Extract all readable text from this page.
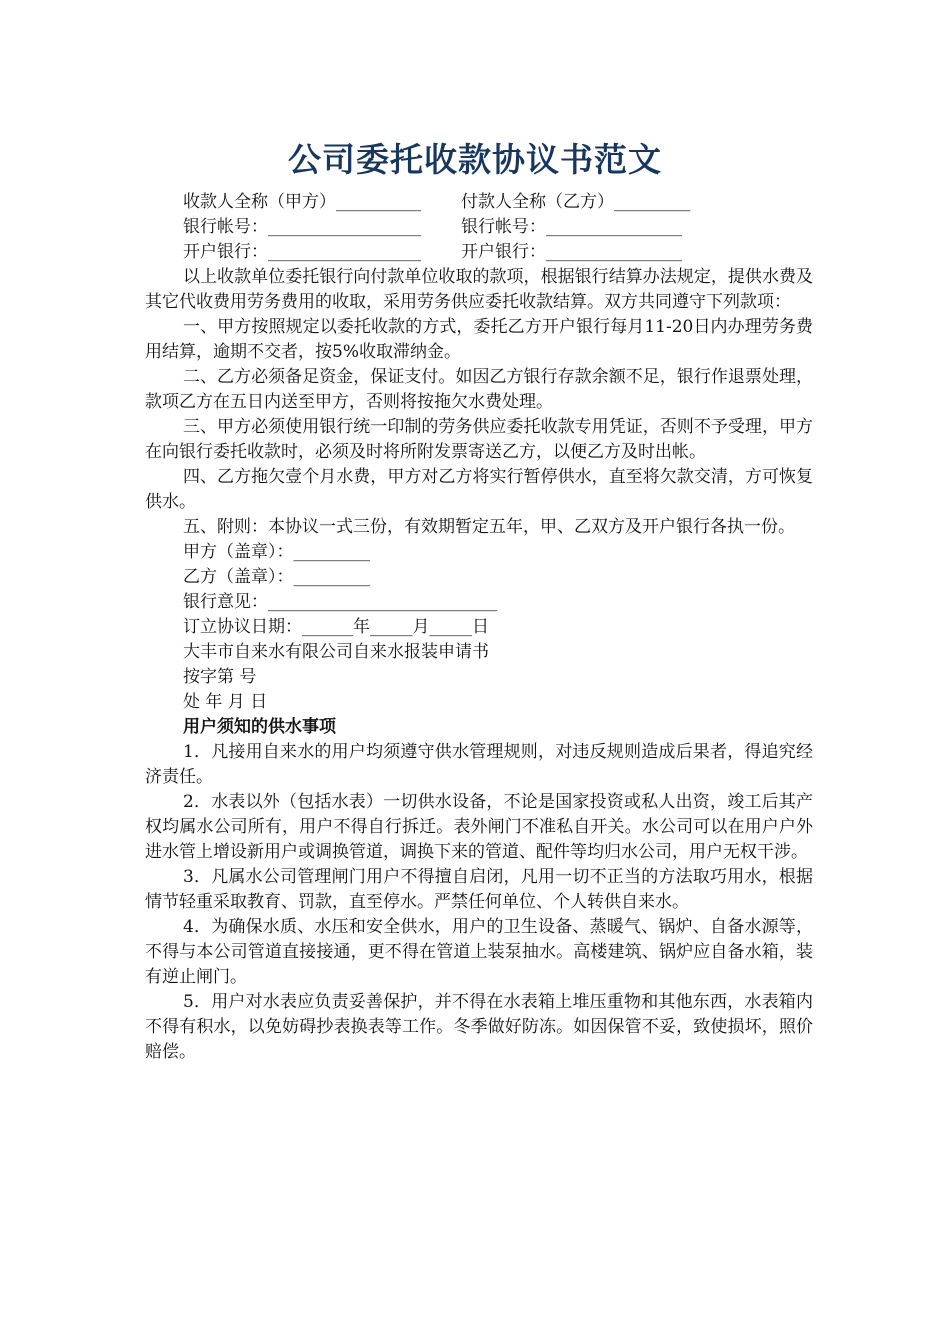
公司委托收款协议书范文
收款人全称（甲方）__________ 付款人全称（乙方）_________
银行帐号：__________________ 银行帐号：________________
开户银行：__________________ 开户银行：________________

以上收款单位委托银行向付款单位收取的款项，根据银行结算办法规定，提供水费及其它代收费用劳务费用的收取，采用劳务供应委托收款结算。双方共同遵守下列款项：

一、甲方按照规定以委托收款的方式，委托乙方开户银行每月11-20日内办理劳务费用结算，逾期不交者，按5%收取滞纳金。

二、乙方必须备足资金，保证支付。如因乙方银行存款余额不足，银行作退票处理，款项乙方在五日内送至甲方，否则将按拖欠水费处理。

三、甲方必须使用银行统一印制的劳务供应委托收款专用凭证，否则不予受理，甲方在向银行委托收款时，必须及时将所附发票寄送乙方，以便乙方及时出帐。

四、乙方拖欠壹个月水费，甲方对乙方将实行暂停供水，直至将欠款交清，方可恢复供水。

五、附则：本协议一式三份，有效期暂定五年，甲、乙双方及开户银行各执一份。

甲方（盖章）：_________

乙方（盖章）：_________

银行意见：___________________________

订立协议日期：______年_____月_____日

大丰市自来水有限公司自来水报装申请书

按字第 号

处 年 月 日

用户须知的供水事项

1．凡接用自来水的用户均须遵守供水管理规则，对违反规则造成后果者，得追究经济责任。

2．水表以外（包括水表）一切供水设备，不论是国家投资或私人出资，竣工后其产权均属水公司所有，用户不得自行拆迁。表外闸门不准私自开关。水公司可以在用户户外进水管上增设新用户或调换管道，调换下来的管道、配件等均归水公司，用户无权干涉。

3．凡属水公司管理闸门用户不得擅自启闭，凡用一切不正当的方法取巧用水，根据情节轻重采取教育、罚款，直至停水。严禁任何单位、个人转供自来水。

4．为确保水质、水压和安全供水，用户的卫生设备、蒸暖气、锅炉、自备水源等，不得与本公司管道直接接通，更不得在管道上装泵抽水。高楼建筑、锅炉应自备水箱，装有逆止闸门。

5．用户对水表应负责妥善保护，并不得在水表箱上堆压重物和其他东西，水表箱内不得有积水，以免妨碍抄表换表等工作。冬季做好防冻。如因保管不妥，致使损坏，照价赔偿。
